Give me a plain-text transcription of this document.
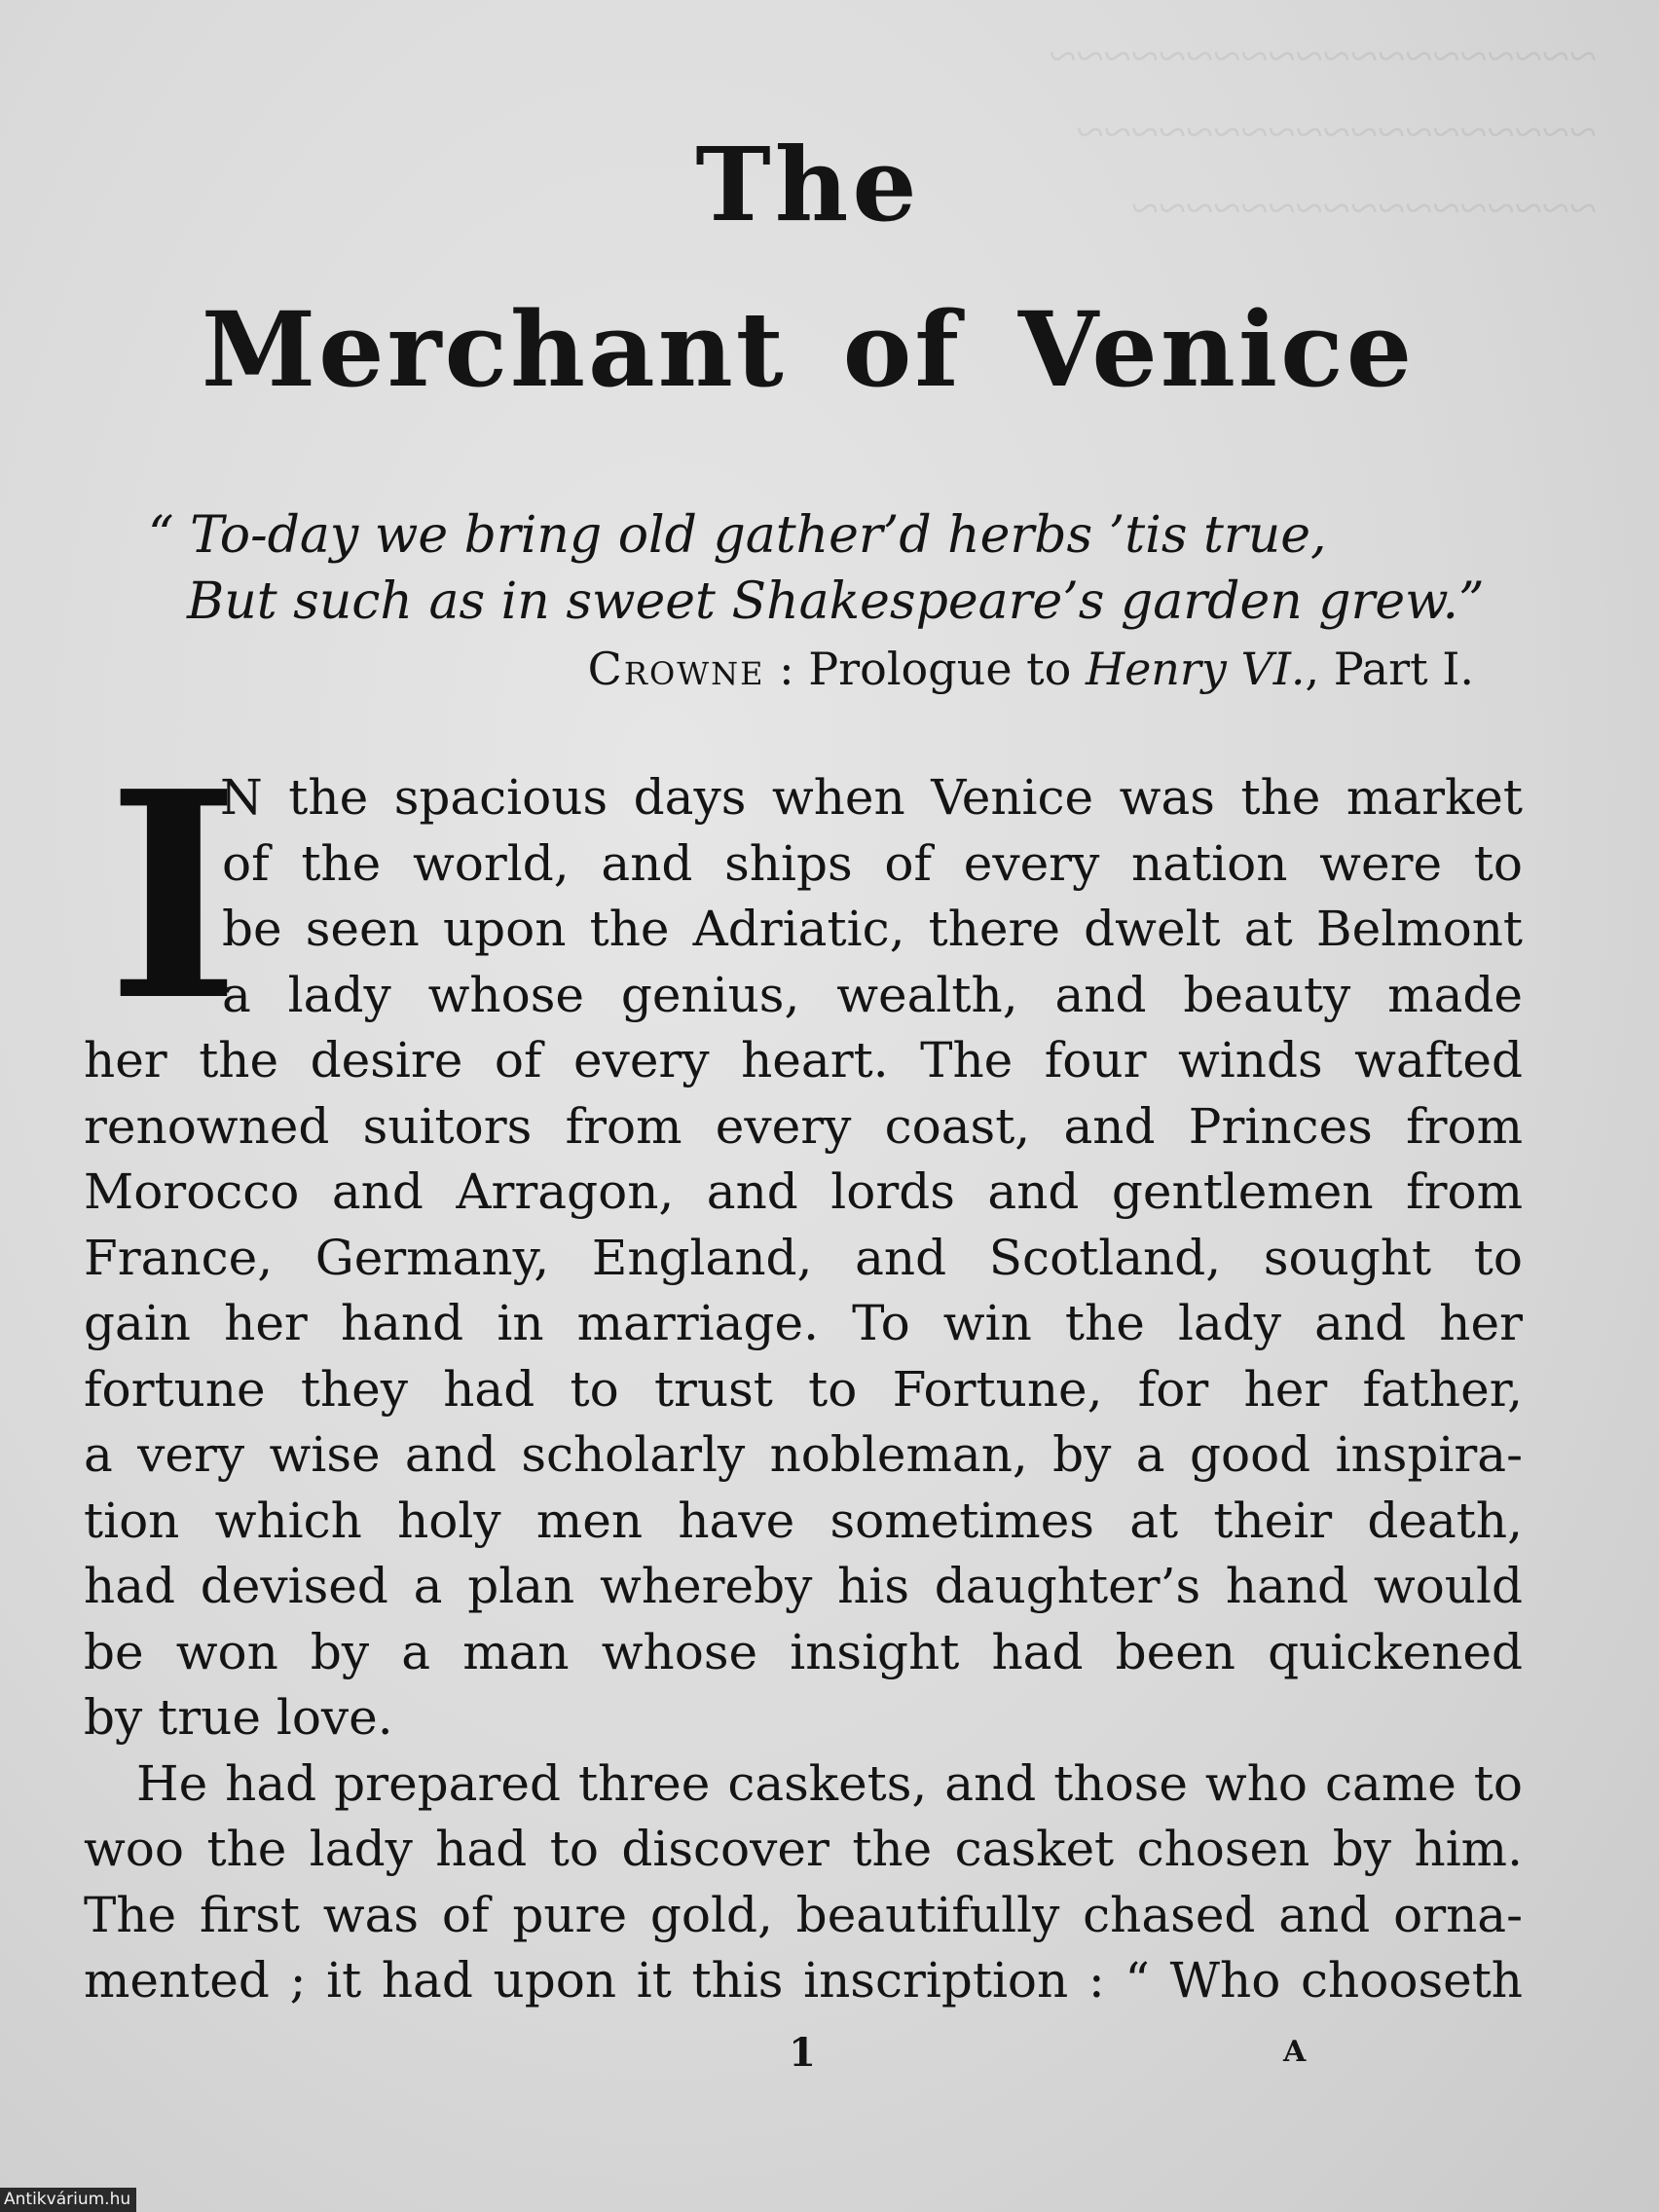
~~~~~~~~~~~~~~~~~~~~
~~~~~~~~~~~~~~~~~~~
~~~~~~~~~~~~~~~~~
The
Merchant of Venice
“ To-day we bring old gather’d herbs ’tis true,
But such as in sweet Shakespeare’s garden grew.”
Crowne : Prologue to Henry VI., Part I.
I
N the spacious days when Venice was the market
of the world, and ships of every nation were to
be seen upon the Adriatic, there dwelt at Belmont
a lady whose genius, wealth, and beauty made
her the desire of every heart. The four winds wafted
renowned suitors from every coast, and Princes from
Morocco and Arragon, and lords and gentlemen from
France, Germany, England, and Scotland, sought to
gain her hand in marriage. To win the lady and her
fortune they had to trust to Fortune, for her father,
a very wise and scholarly nobleman, by a good inspira-
tion which holy men have sometimes at their death,
had devised a plan whereby his daughter’s hand would
be won by a man whose insight had been quickened
by true love.
He had prepared three caskets, and those who came to
woo the lady had to discover the casket chosen by him.
The first was of pure gold, beautifully chased and orna-
mented ; it had upon it this inscription : “ Who chooseth
1	A
Antikvárium.hu
